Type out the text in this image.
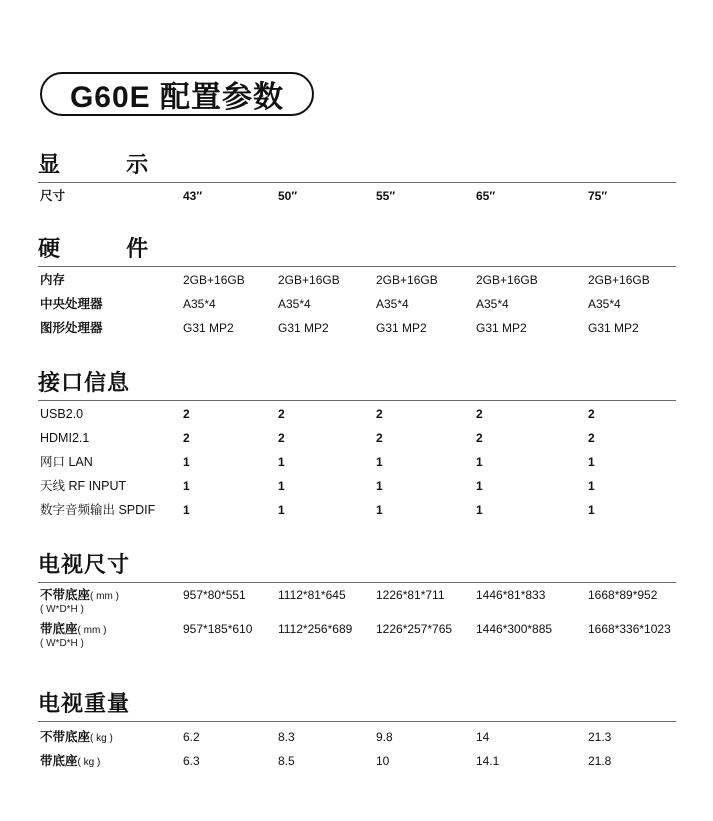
G60E 配置参数
显 示
尺寸	43″	50″	55″	65″	75″
硬 件
内存	2GB+16GB	2GB+16GB	2GB+16GB	2GB+16GB	2GB+16GB
中央处理器	A35*4	A35*4	A35*4	A35*4	A35*4
图形处理器	G31 MP2	G31 MP2	G31 MP2	G31 MP2	G31 MP2
接口信息
USB2.0	2	2	2	2	2
HDMI2.1	2	2	2	2	2
网口 LAN	1	1	1	1	1
天线 RF INPUT	1	1	1	1	1
数字音频输出 SPDIF 1	1	1	1	1
电视尺寸
不带底座( mm )
( W*D*H )
957*80*551	1112*81*645	1226*81*711	1446*81*833	1668*89*952
带底座( mm )
( W*D*H )
957*185*610 1112*256*689 1226*257*765 1446*300*885	1668*336*1023
电视重量
不带底座( kg )	6.2	8.3	9.8	14	21.3
带底座( kg )	6.3	8.5	10	14.1	21.8
